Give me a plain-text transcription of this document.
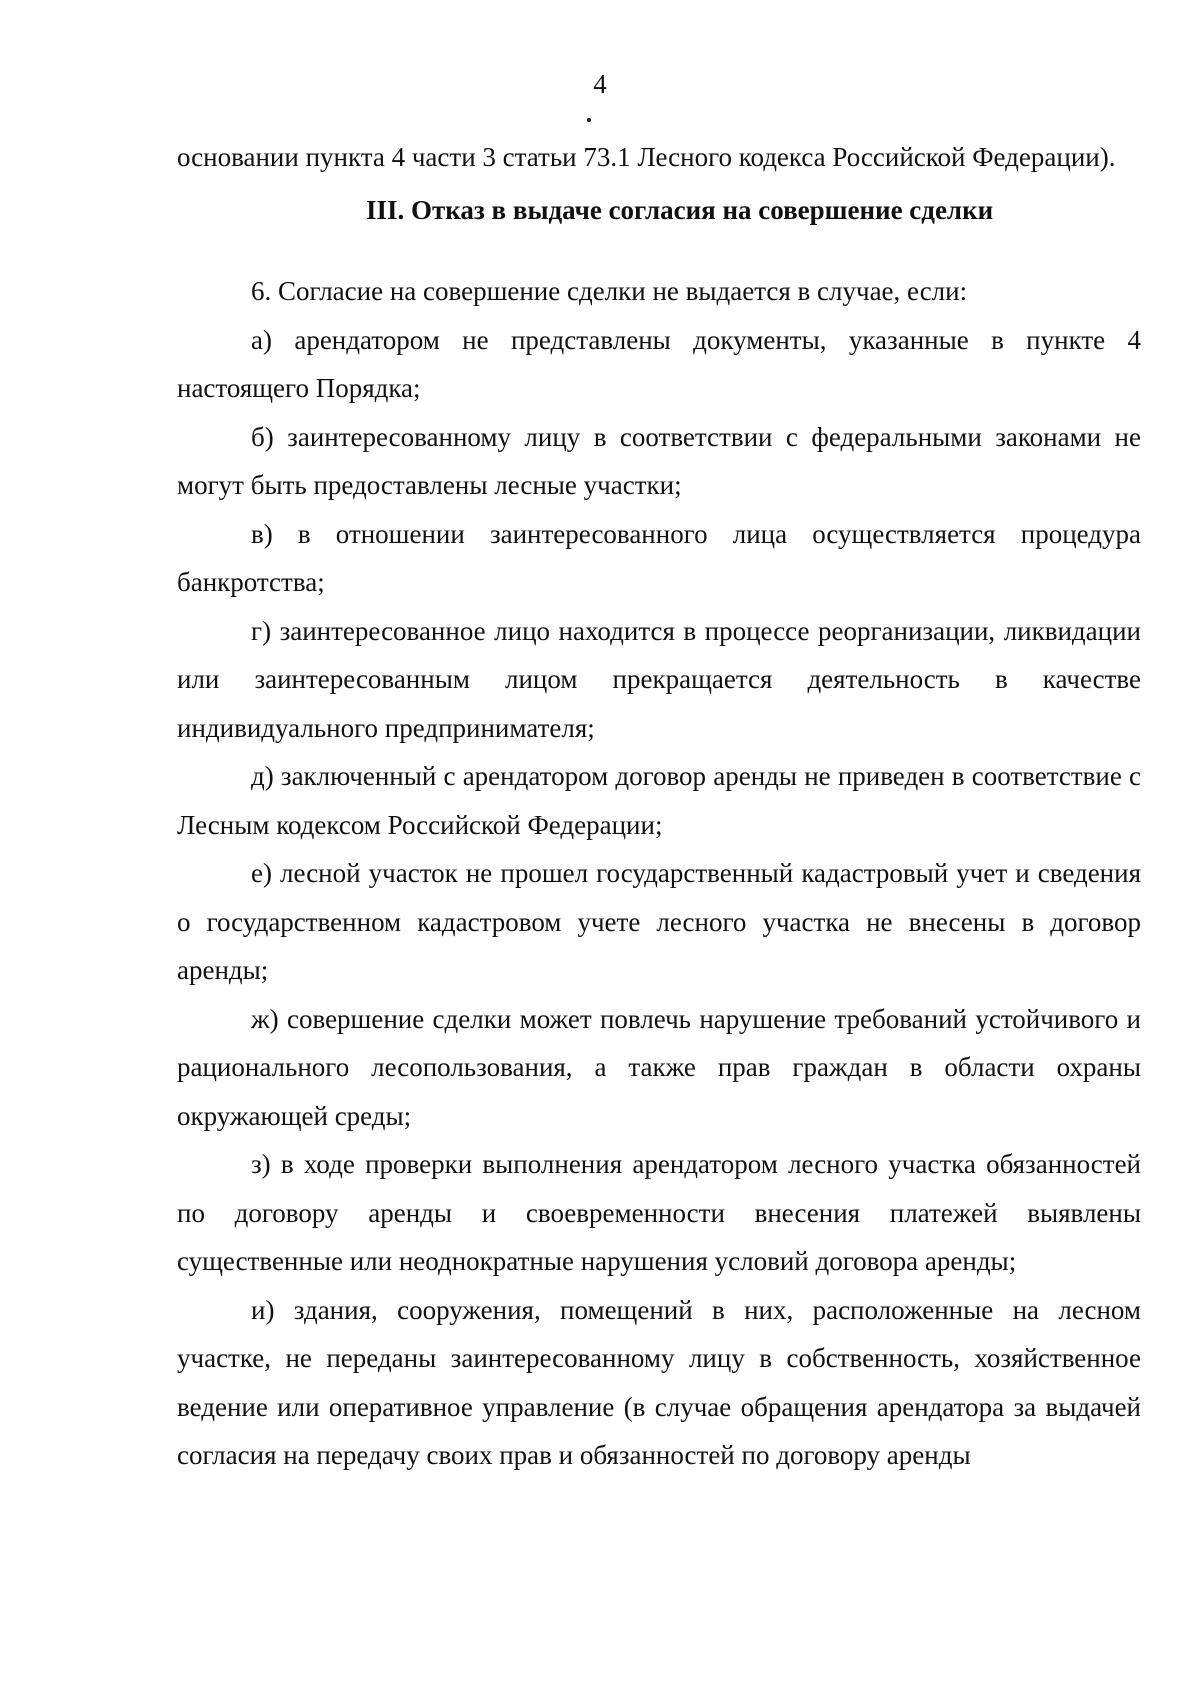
4

основании пункта 4 части 3 статьи 73.1 Лесного кодекса Российской Федерации).

III. Отказ в выдаче согласия на совершение сделки

6. Согласие на совершение сделки не выдается в случае, если:

а) арендатором не представлены документы, указанные в пункте 4 настоящего Порядка;

б) заинтересованному лицу в соответствии с федеральными законами не могут быть предоставлены лесные участки;

в) в отношении заинтересованного лица осуществляется процедура банкротства;

г) заинтересованное лицо находится в процессе реорганизации, ликвидации или заинтересованным лицом прекращается деятельность в качестве индивидуального предпринимателя;

д) заключенный с арендатором договор аренды не приведен в соответствие с Лесным кодексом Российской Федерации;

е) лесной участок не прошел государственный кадастровый учет и сведения о государственном кадастровом учете лесного участка не внесены в договор аренды;

ж) совершение сделки может повлечь нарушение требований устойчивого и рационального лесопользования, а также прав граждан в области охраны окружающей среды;

з) в ходе проверки выполнения арендатором лесного участка обязанностей по договору аренды и своевременности внесения платежей выявлены существенные или неоднократные нарушения условий договора аренды;

и) здания, сооружения, помещений в них, расположенные на лесном участке, не переданы заинтересованному лицу в собственность, хозяйственное ведение или оперативное управление (в случае обращения арендатора за выдачей согласия на передачу своих прав и обязанностей по договору аренды
